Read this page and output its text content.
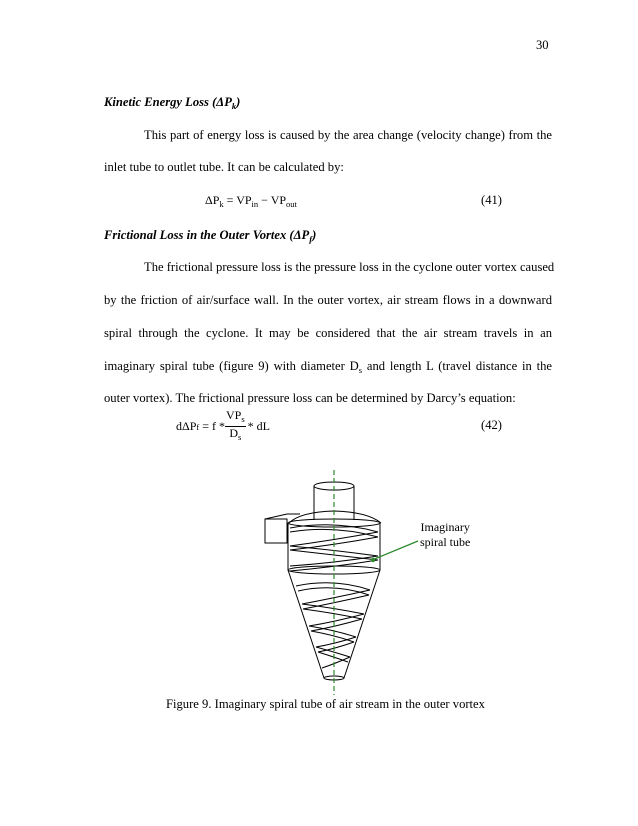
30
Kinetic Energy Loss $(\Delta P_k)$
This part of energy loss is caused by the area change (velocity change) from the
inlet tube to outlet tube. It can be calculated by:
$\Delta P_k = VP_{in} - VP_{out}$	(41)
Frictional Loss in the Outer Vortex $(\Delta P_f)$
The frictional pressure loss is the pressure loss in the cyclone outer vortex caused
by the friction of air/surface wall. In the outer vortex, air stream flows in a downward
spiral through the cyclone. It may be considered that the air stream travels in an
imaginary spiral tube (figure 9) with diameter $D_s$ and length L (travel distance in the
outer vortex). The frictional pressure loss can be determined by Darcy’s equation:
dΔP $f = f * \frac{VP_s}{D_s}$ * dL	(42)
Imaginary
spiral tube
Figure 9. Imaginary spiral tube of air stream in the outer vortex
